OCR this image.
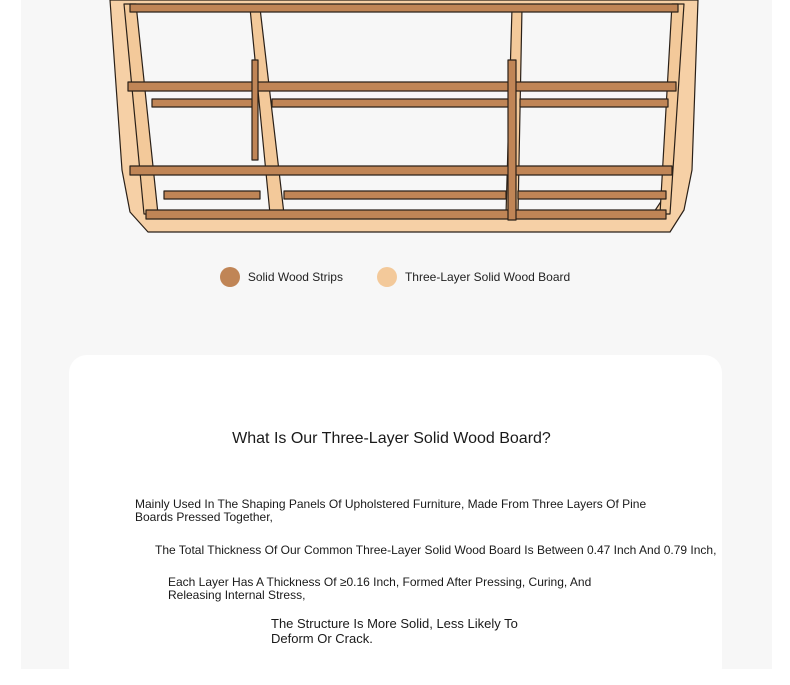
Solid Wood Strips	Three-Layer Solid Wood Board
What Is Our Three-Layer Solid Wood Board?
Mainly Used In The Shaping Panels Of Upholstered Furniture, Made From Three Layers Of Pine Boards Pressed Together,
The Total Thickness Of Our Common Three-Layer Solid Wood Board Is Between 0.47 Inch And 0.79 Inch,
Each Layer Has A Thickness Of ≥0.16 Inch, Formed After Pressing, Curing, And Releasing Internal Stress,
The Structure Is More Solid, Less Likely To Deform Or Crack.
